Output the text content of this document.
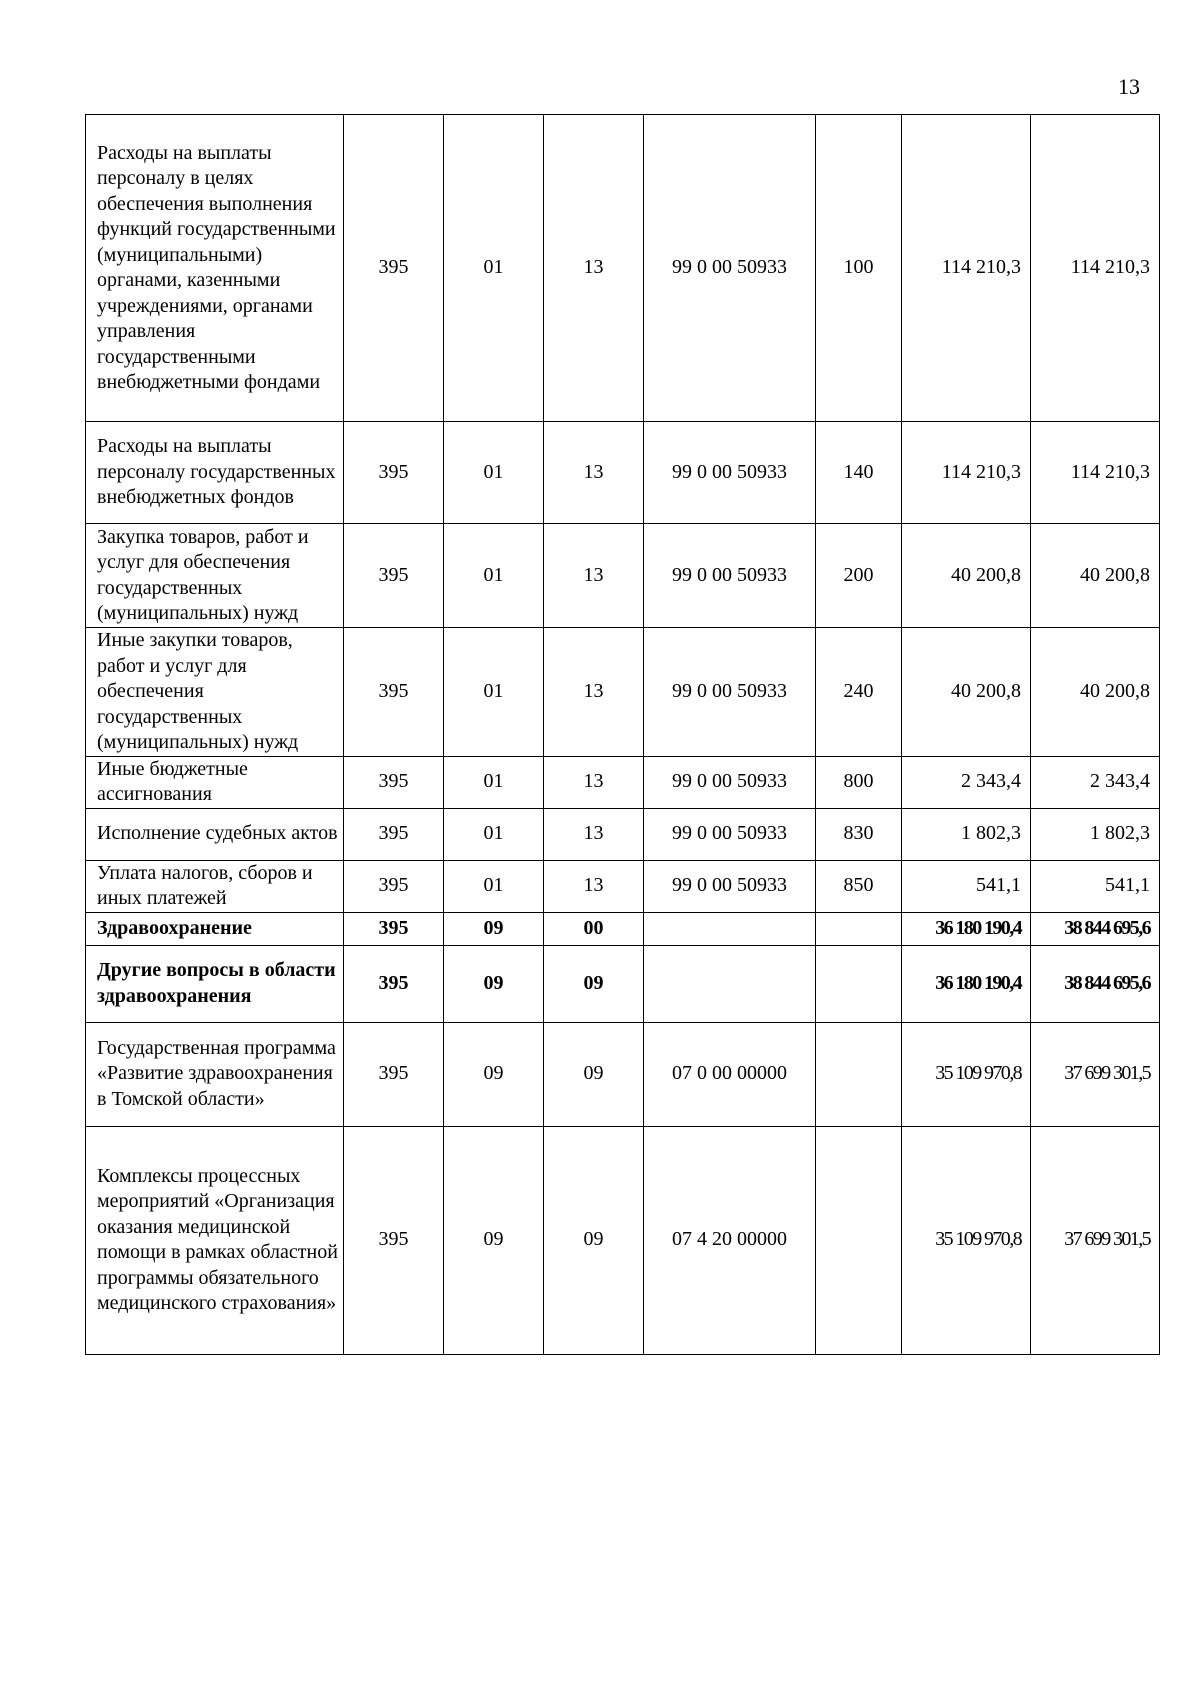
13
Расходы на выплаты персоналу в целях обеспечения выполнения функций государственными (муниципальными) органами, казенными учреждениями, органами управления государственными внебюджетными фондами	395	01	13	99 0 00 50933	100	114 210,3	114 210,3
Расходы на выплаты персоналу государственных внебюджетных фондов	395	01	13	99 0 00 50933	140	114 210,3	114 210,3
Закупка товаров, работ и услуг для обеспечения государственных (муниципальных) нужд	395	01	13	99 0 00 50933	200	40 200,8	40 200,8
Иные закупки товаров, работ и услуг для обеспечения государственных (муниципальных) нужд	395	01	13	99 0 00 50933	240	40 200,8	40 200,8
Иные бюджетные ассигнования	395	01	13	99 0 00 50933	800	2 343,4	2 343,4
Исполнение судебных актов	395	01	13	99 0 00 50933	830	1 802,3	1 802,3
Уплата налогов, сборов и иных платежей	395	01	13	99 0 00 50933	850	541,1	541,1
Здравоохранение	395	09	00			36 180 190,4	38 844 695,6
Другие вопросы в области здравоохранения	395	09	09			36 180 190,4	38 844 695,6
Государственная программа «Развитие здравоохранения в Томской области»	395	09	09	07 0 00 00000		35 109 970,8	37 699 301,5
Комплексы процессных мероприятий «Организация оказания медицинской помощи в рамках областной программы обязательного медицинского страхования»	395	09	09	07 4 20 00000		35 109 970,8	37 699 301,5
